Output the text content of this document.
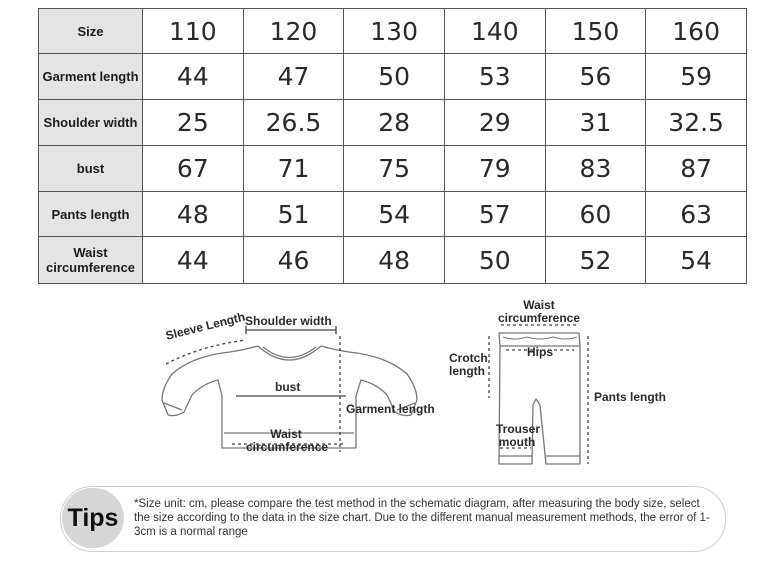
Size	110	120	130	140	150	160
Garment length	44	47	50	53	56	59
Shoulder width	25	26.5	28	29	31	32.5
bust	67	71	75	79	83	87
Pants length	48	51	54	57	60	63
Waist circumference	44	46	48	50	52	54
Sleeve Length
Shoulder width
bust
Garment length
Waist
circumference
Waist
circumference
Hips
Crotch
length
Pants length
Trouser
mouth
Tips	*Size unit: cm, please compare the test method in the schematic diagram, after measuring the body size, select the size according to the data in the size chart. Due to the different manual measurement methods, the error of 1-3cm is a normal range
